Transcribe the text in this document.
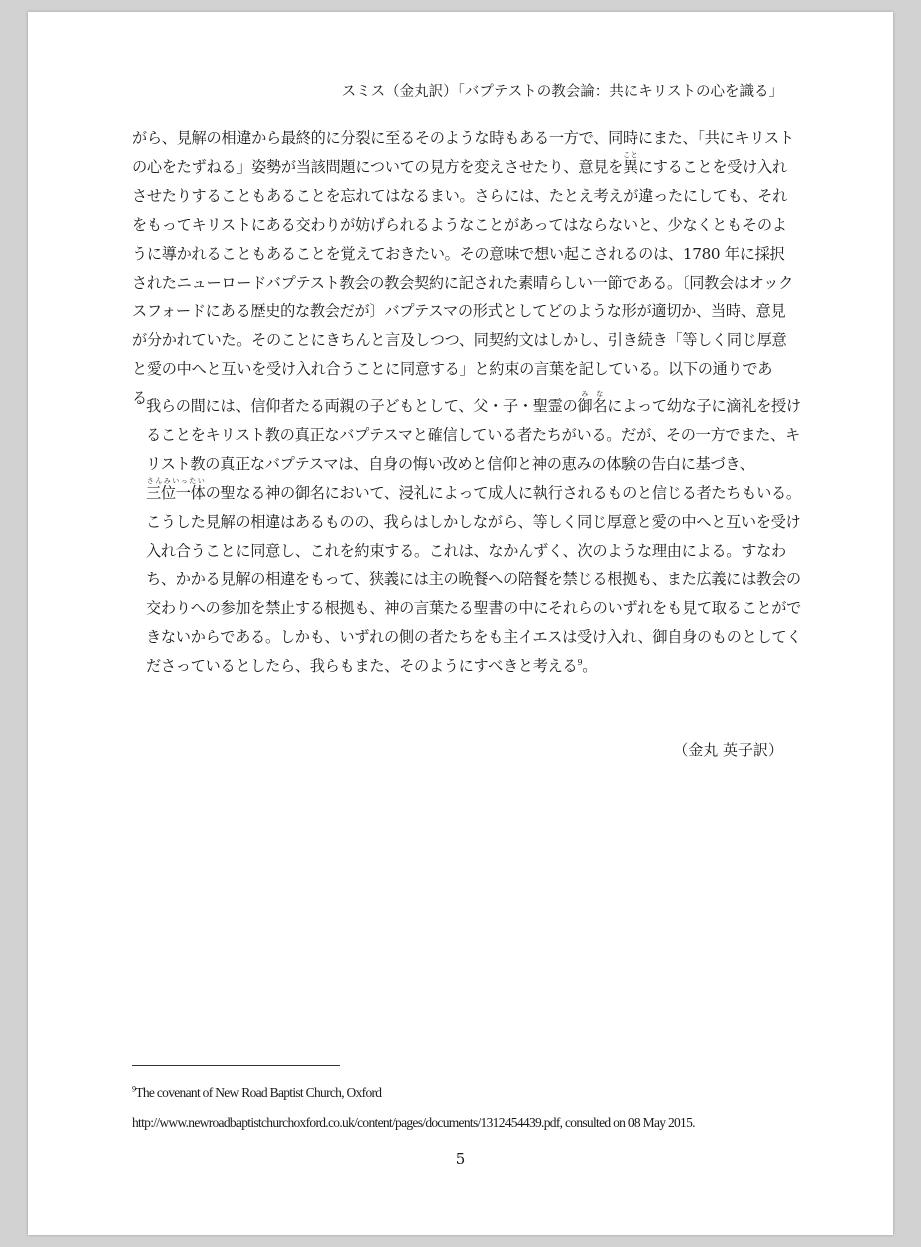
スミス（金丸訳）「バプテストの教会論：共にキリストの心を識る」

がら、見解の相違から最終的に分裂に至るそのような時もある一方で、同時にまた、「共にキリストの心をたずねる」姿勢が当該問題についての見方を変えさせたり、意見を異ことにすることを受け入れさせたりすることもあることを忘れてはなるまい。さらには、たとえ考えが違ったにしても、それをもってキリストにある交わりが妨げられるようなことがあってはならないと、少なくともそのように導かれることもあることを覚えておきたい。その意味で想い起こされるのは、1780 年に採択されたニューロードバプテスト教会の教会契約に記された素晴らしい一節である。〔同教会はオックスフォードにある歴史的な教会だが〕バプテスマの形式としてどのような形が適切か、当時、意見が分かれていた。そのことにきちんと言及しつつ、同契約文はしかし、引き続き「等しく同じ厚意と愛の中へと互いを受け入れ合うことに同意する」と約束の言葉を記している。以下の通りである。

我らの間には、信仰者たる両親の子どもとして、父・子・聖霊の御名みなによって幼な子に滴礼を授けることをキリスト教の真正なバプテスマと確信している者たちがいる。だが、その一方でまた、キリスト教の真正なバプテスマは、自身の悔い改めと信仰と神の恵みの体験の告白に基づき、三位一体さんみいったいの聖なる神の御名において、浸礼によって成人に執行されるものと信じる者たちもいる。こうした見解の相違はあるものの、我らはしかしながら、等しく同じ厚意と愛の中へと互いを受け入れ合うことに同意し、これを約束する。これは、なかんずく、次のような理由による。すなわち、かかる見解の相違をもって、狭義には主の晩餐への陪餐を禁じる根拠も、また広義には教会の交わりへの参加を禁止する根拠も、神の言葉たる聖書の中にそれらのいずれをも見て取ることができないからである。しかも、いずれの側の者たちをも主イエスは受け入れ、御自身のものとしてくださっているとしたら、我らもまた、そのようにすべきと考える$^9$。

（金丸 英子訳）
$^9$The covenant of New Road Baptist Church, Oxford
http://www.newroadbaptistchurchoxford.co.uk/content/pages/documents/1312454439.pdf, consulted on 08 May 2015.
5
